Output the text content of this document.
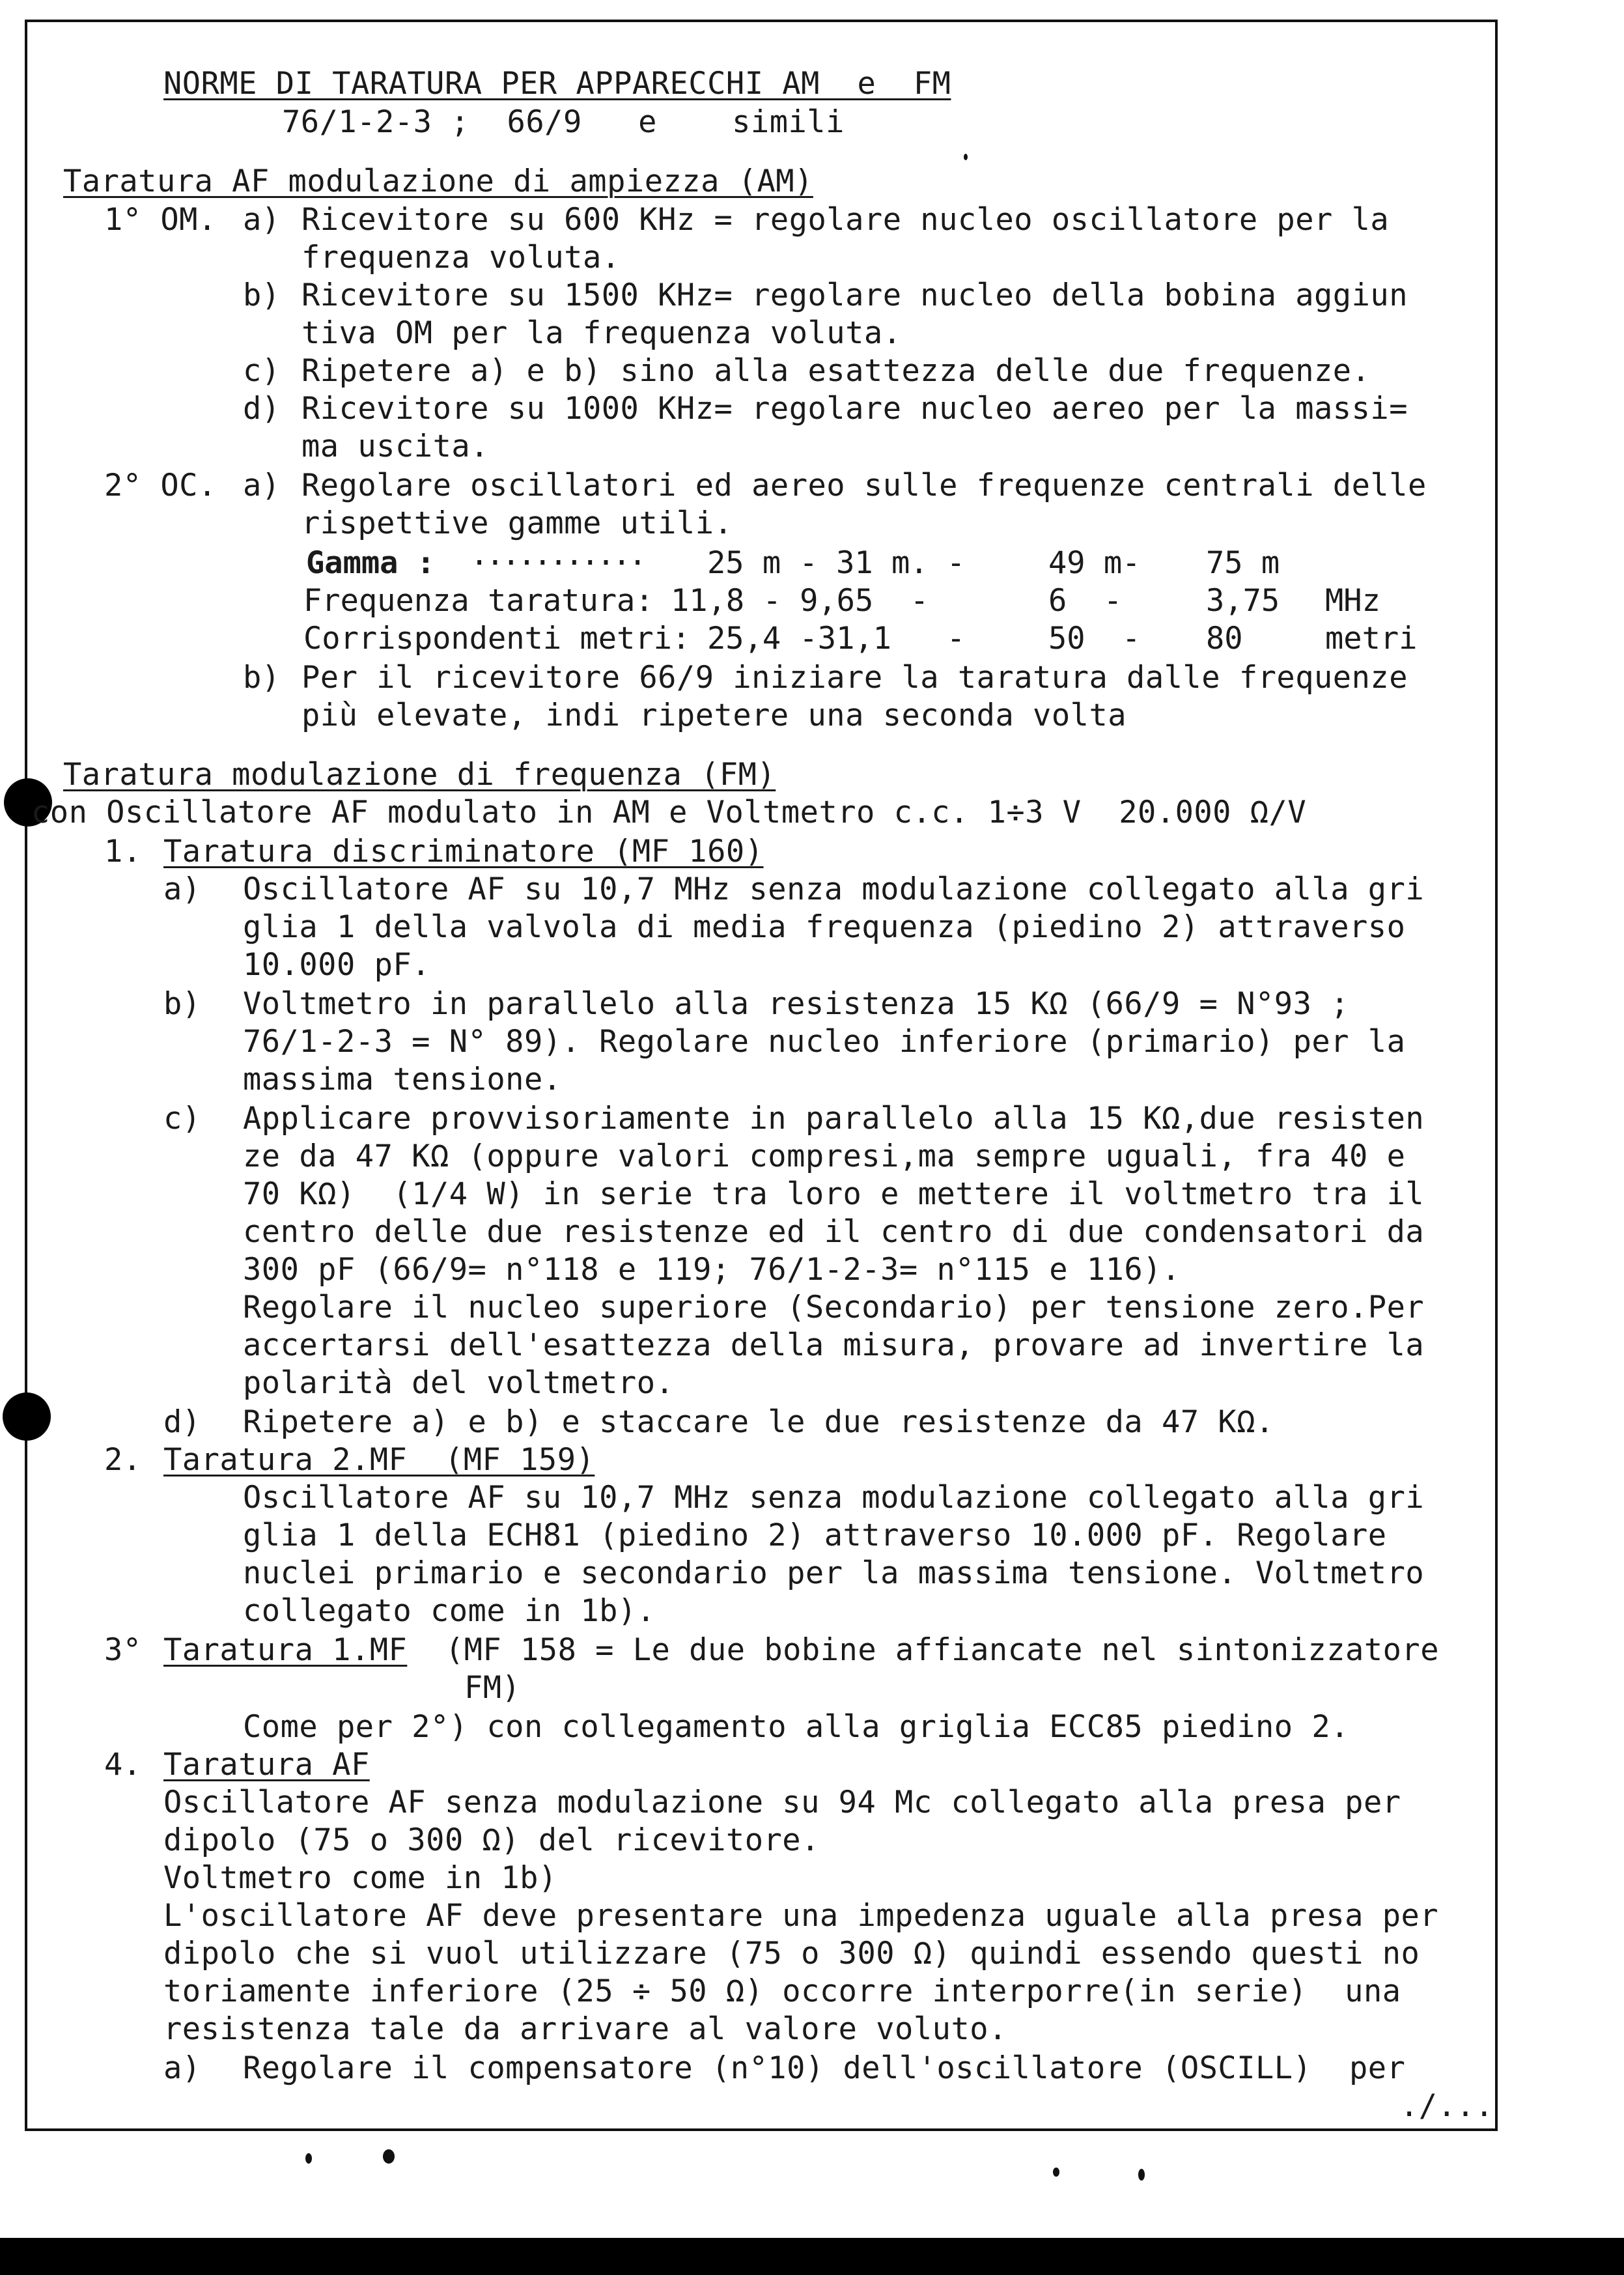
NORME DI TARATURA PER APPARECCHI AM  e  FM
76/1-2-3 ;  66/9   e    simili
Taratura AF modulazione di ampiezza (AM)
1° OM. a) Ricevitore su 600 KHz = regolare nucleo oscillatore per la
frequenza voluta.
b) Ricevitore su 1500 KHz= regolare nucleo della bobina aggiun
tiva OM per la frequenza voluta.
c) Ripetere a) e b) sino alla esattezza delle due frequenze.
d) Ricevitore su 1000 KHz= regolare nucleo aereo per la massi=
ma uscita.
2° OC. a) Regolare oscillatori ed aereo sulle frequenze centrali delle
rispettive gamme utili.
Gamma : ··········· 25 m - 31 m. -	49 m- 75 m
Frequenza taratura: 11,8 - 9,65  -	6  -	3,75 MHz
Corrispondenti metri: 25,4 -31,1   -	50  - 80	metri
b) Per il ricevitore 66/9 iniziare la taratura dalle frequenze
più elevate, indi ripetere una seconda volta
Taratura modulazione di frequenza (FM)
con Oscillatore AF modulato in AM e Voltmetro c.c. 1÷3 V  20.000 Ω/V
1. Taratura discriminatore (MF 160)
a) Oscillatore AF su 10,7 MHz senza modulazione collegato alla gri
glia 1 della valvola di media frequenza (piedino 2) attraverso
10.000 pF.
b) Voltmetro in parallelo alla resistenza 15 KΩ (66/9 = N°93 ;
76/1-2-3 = N° 89). Regolare nucleo inferiore (primario) per la
massima tensione.
c) Applicare provvisoriamente in parallelo alla 15 KΩ,due resisten
ze da 47 KΩ (oppure valori compresi,ma sempre uguali, fra 40 e
70 KΩ)  (1/4 W) in serie tra loro e mettere il voltmetro tra il
centro delle due resistenze ed il centro di due condensatori da
300 pF (66/9= n°118 e 119; 76/1-2-3= n°115 e 116).
Regolare il nucleo superiore (Secondario) per tensione zero.Per
accertarsi dell'esattezza della misura, provare ad invertire la
polarità del voltmetro.
d) Ripetere a) e b) e staccare le due resistenze da 47 KΩ.
2. Taratura 2.MF  (MF 159)
Oscillatore AF su 10,7 MHz senza modulazione collegato alla gri
glia 1 della ECH81 (piedino 2) attraverso 10.000 pF. Regolare
nuclei primario e secondario per la massima tensione. Voltmetro
collegato come in 1b).
3° Taratura 1.MF (MF 158 = Le due bobine affiancate nel sintonizzatore
FM)
Come per 2°) con collegamento alla griglia ECC85 piedino 2.
4. Taratura AF
Oscillatore AF senza modulazione su 94 Mc collegato alla presa per
dipolo (75 o 300 Ω) del ricevitore.
Voltmetro come in 1b)
L'oscillatore AF deve presentare una impedenza uguale alla presa per
dipolo che si vuol utilizzare (75 o 300 Ω) quindi essendo questi no
toriamente inferiore (25 ÷ 50 Ω) occorre interporre(in serie)  una
resistenza tale da arrivare al valore voluto.
a) Regolare il compensatore (n°10) dell'oscillatore (OSCILL)  per
./...
